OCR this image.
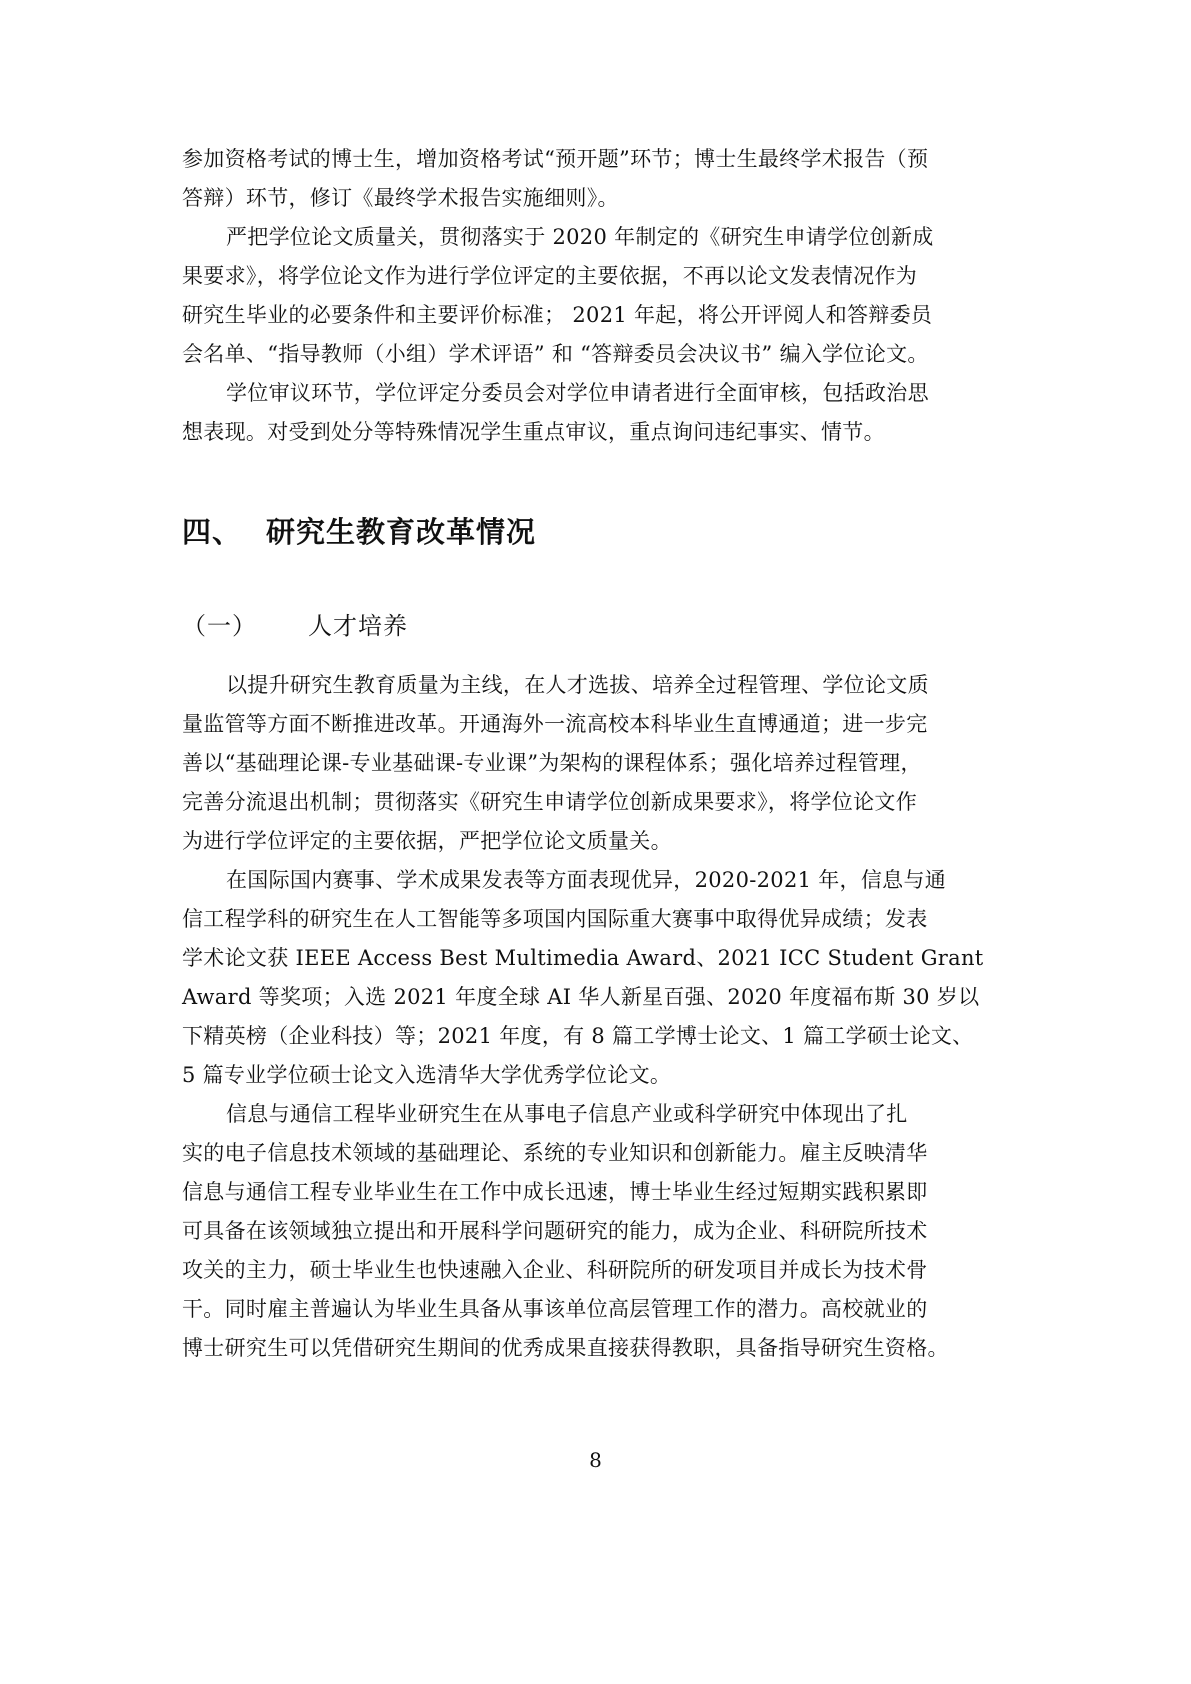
参加资格考试的博士生，增加资格考试“预开题”环节；博士生最终学术报告（预
答辩）环节，修订《最终学术报告实施细则》。
严把学位论文质量关，贯彻落实于 2020 年制定的《研究生申请学位创新成
果要求》，将学位论文作为进行学位评定的主要依据，不再以论文发表情况作为
研究生毕业的必要条件和主要评价标准； 2021 年起，将公开评阅人和答辩委员
会名单、“指导教师（小组）学术评语” 和 “答辩委员会决议书” 编入学位论文。
学位审议环节，学位评定分委员会对学位申请者进行全面审核，包括政治思
想表现。对受到处分等特殊情况学生重点审议，重点询问违纪事实、情节。
四、 研究生教育改革情况
（一） 人才培养
以提升研究生教育质量为主线，在人才选拔、培养全过程管理、学位论文质
量监管等方面不断推进改革。开通海外一流高校本科毕业生直博通道；进一步完
善以“基础理论课-专业基础课-专业课”为架构的课程体系；强化培养过程管理，
完善分流退出机制；贯彻落实《研究生申请学位创新成果要求》，将学位论文作
为进行学位评定的主要依据，严把学位论文质量关。
在国际国内赛事、学术成果发表等方面表现优异，2020-2021 年，信息与通
信工程学科的研究生在人工智能等多项国内国际重大赛事中取得优异成绩；发表
学术论文获 IEEE Access Best Multimedia Award、2021 ICC Student Grant
Award 等奖项；入选 2021 年度全球 AI 华人新星百强、2020 年度福布斯 30 岁以
下精英榜（企业科技）等；2021 年度，有 8 篇工学博士论文、1 篇工学硕士论文、
5 篇专业学位硕士论文入选清华大学优秀学位论文。
信息与通信工程毕业研究生在从事电子信息产业或科学研究中体现出了扎
实的电子信息技术领域的基础理论、系统的专业知识和创新能力。雇主反映清华
信息与通信工程专业毕业生在工作中成长迅速，博士毕业生经过短期实践积累即
可具备在该领域独立提出和开展科学问题研究的能力，成为企业、科研院所技术
攻关的主力，硕士毕业生也快速融入企业、科研院所的研发项目并成长为技术骨
干。同时雇主普遍认为毕业生具备从事该单位高层管理工作的潜力。高校就业的
博士研究生可以凭借研究生期间的优秀成果直接获得教职，具备指导研究生资格。
8
